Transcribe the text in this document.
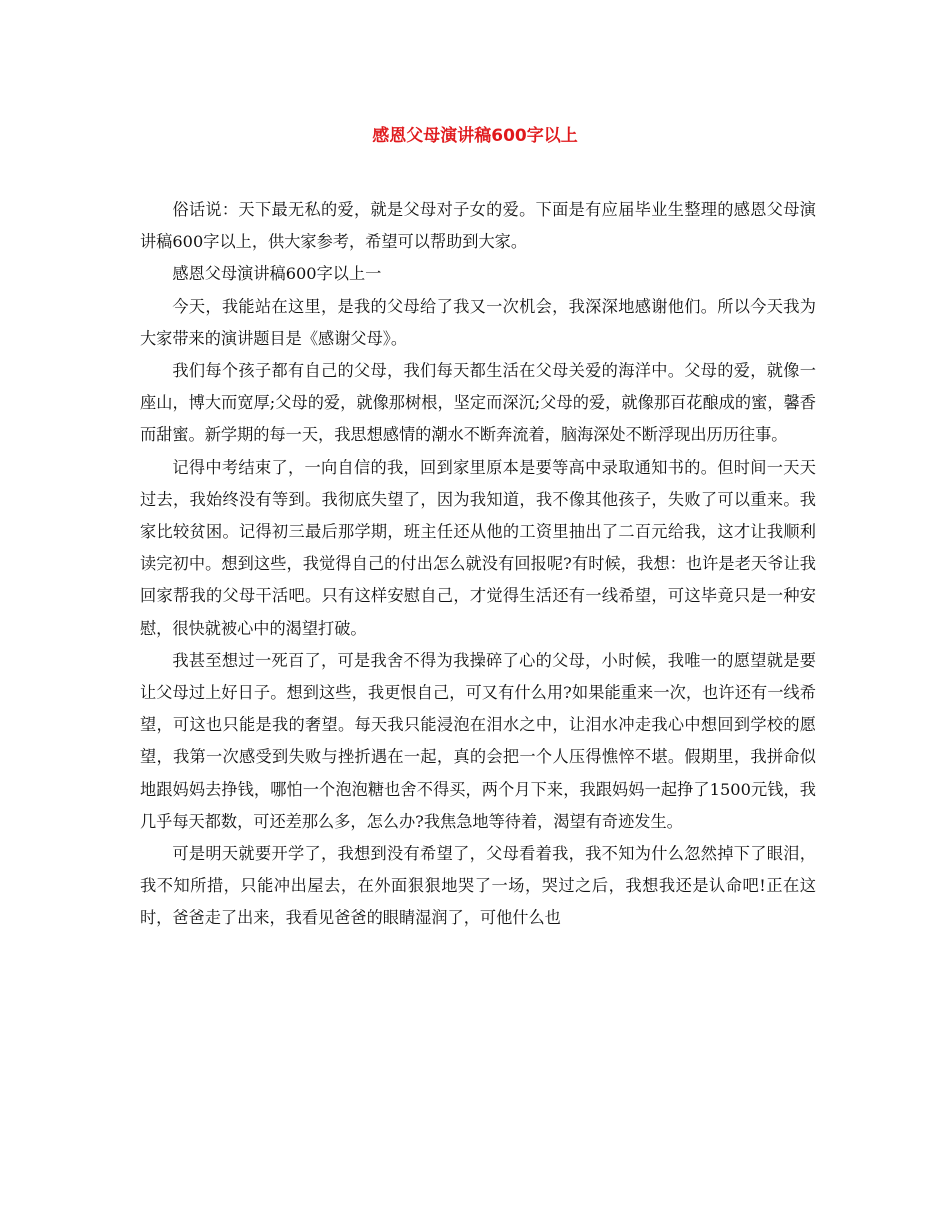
感恩父母演讲稿600字以上

俗话说：天下最无私的爱，就是父母对子女的爱。下面是有应届毕业生整理的感恩父母演讲稿600字以上，供大家参考，希望可以帮助到大家。

感恩父母演讲稿600字以上一

今天，我能站在这里，是我的父母给了我又一次机会，我深深地感谢他们。所以今天我为大家带来的演讲题目是《感谢父母》。

我们每个孩子都有自己的父母，我们每天都生活在父母关爱的海洋中。父母的爱，就像一座山，博大而宽厚;父母的爱，就像那树根，坚定而深沉;父母的爱，就像那百花酿成的蜜，馨香而甜蜜。新学期的每一天，我思想感情的潮水不断奔流着，脑海深处不断浮现出历历往事。

记得中考结束了，一向自信的我，回到家里原本是要等高中录取通知书的。但时间一天天过去，我始终没有等到。我彻底失望了，因为我知道，我不像其他孩子，失败了可以重来。我家比较贫困。记得初三最后那学期，班主任还从他的工资里抽出了二百元给我，这才让我顺利读完初中。想到这些，我觉得自己的付出怎么就没有回报呢?有时候，我想：也许是老天爷让我回家帮我的父母干活吧。只有这样安慰自己，才觉得生活还有一线希望，可这毕竟只是一种安慰，很快就被心中的渴望打破。

我甚至想过一死百了，可是我舍不得为我操碎了心的父母，小时候，我唯一的愿望就是要让父母过上好日子。想到这些，我更恨自己，可又有什么用?如果能重来一次，也许还有一线希望，可这也只能是我的奢望。每天我只能浸泡在泪水之中，让泪水冲走我心中想回到学校的愿望，我第一次感受到失败与挫折遇在一起，真的会把一个人压得憔悴不堪。假期里，我拼命似地跟妈妈去挣钱，哪怕一个泡泡糖也舍不得买，两个月下来，我跟妈妈一起挣了1500元钱，我几乎每天都数，可还差那么多，怎么办?我焦急地等待着，渴望有奇迹发生。

可是明天就要开学了，我想到没有希望了，父母看着我，我不知为什么忽然掉下了眼泪，我不知所措，只能冲出屋去，在外面狠狠地哭了一场，哭过之后，我想我还是认命吧!正在这时，爸爸走了出来，我看见爸爸的眼睛湿润了，可他什么也
